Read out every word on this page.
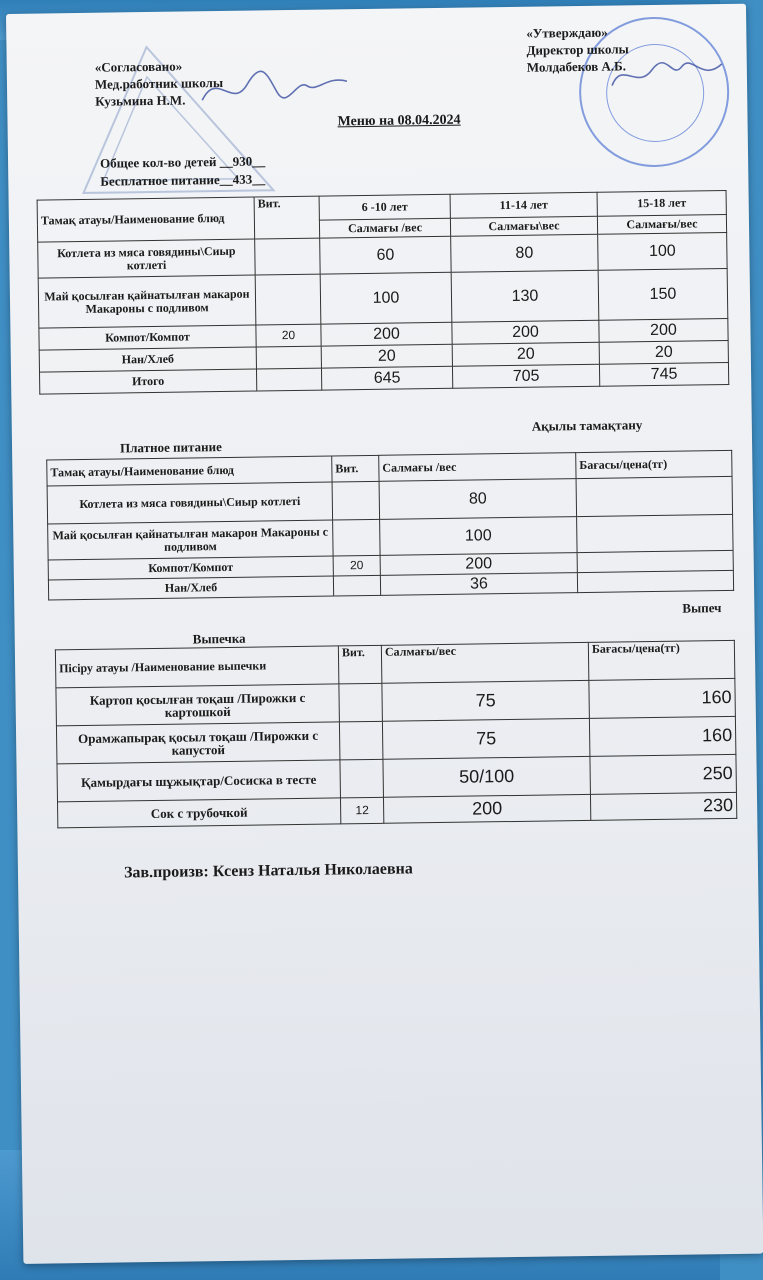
«Согласовано»
Мед.работник школы
Кузьмина Н.М.
«Утверждаю»
Директор школы
Молдабеков А.Б.
Меню на 08.04.2024
Общее кол-во детей __930__
Бесплатное питание__433__
Тамақ атауы/Наименование блюд	Вит.	6 -10 лет	11-14 лет	15-18 лет
		Салмағы /вес	Салмағы\вес	Салмағы/вес
Котлета из мяса говядины\Сиыр котлеті		60	80	100
Май қосылған қайнатылған макарон Макароны с подливом		100	130	150
Компот/Компот	20	200	200	200
Нан/Хлеб		20	20	20
Итого		645	705	745
Платное питание
Ақылы тамақтану
Тамақ атауы/Наименование блюд	Вит.	Салмағы /вес	Бағасы/цена(тг)
Котлета из мяса говядины\Сиыр котлеті		80	
Май қосылған қайнатылған макарон Макароны с подливом		100	
Компот/Компот	20	200	
Нан/Хлеб		36	
Выпечка
Выпеч
Пісіру атауы /Наименование выпечки	Вит.	Салмағы/вес	Бағасы/цена(тг)
Картоп қосылған тоқаш /Пирожки с картошкой		75	160
Орамжапырақ қосыл тоқаш /Пирожки с капустой		75	160
Қамырдағы шұжықтар/Сосиска в тесте		50/100	250
Сок с трубочкой	12	200	230
Зав.произв: Ксенз Наталья Николаевна
